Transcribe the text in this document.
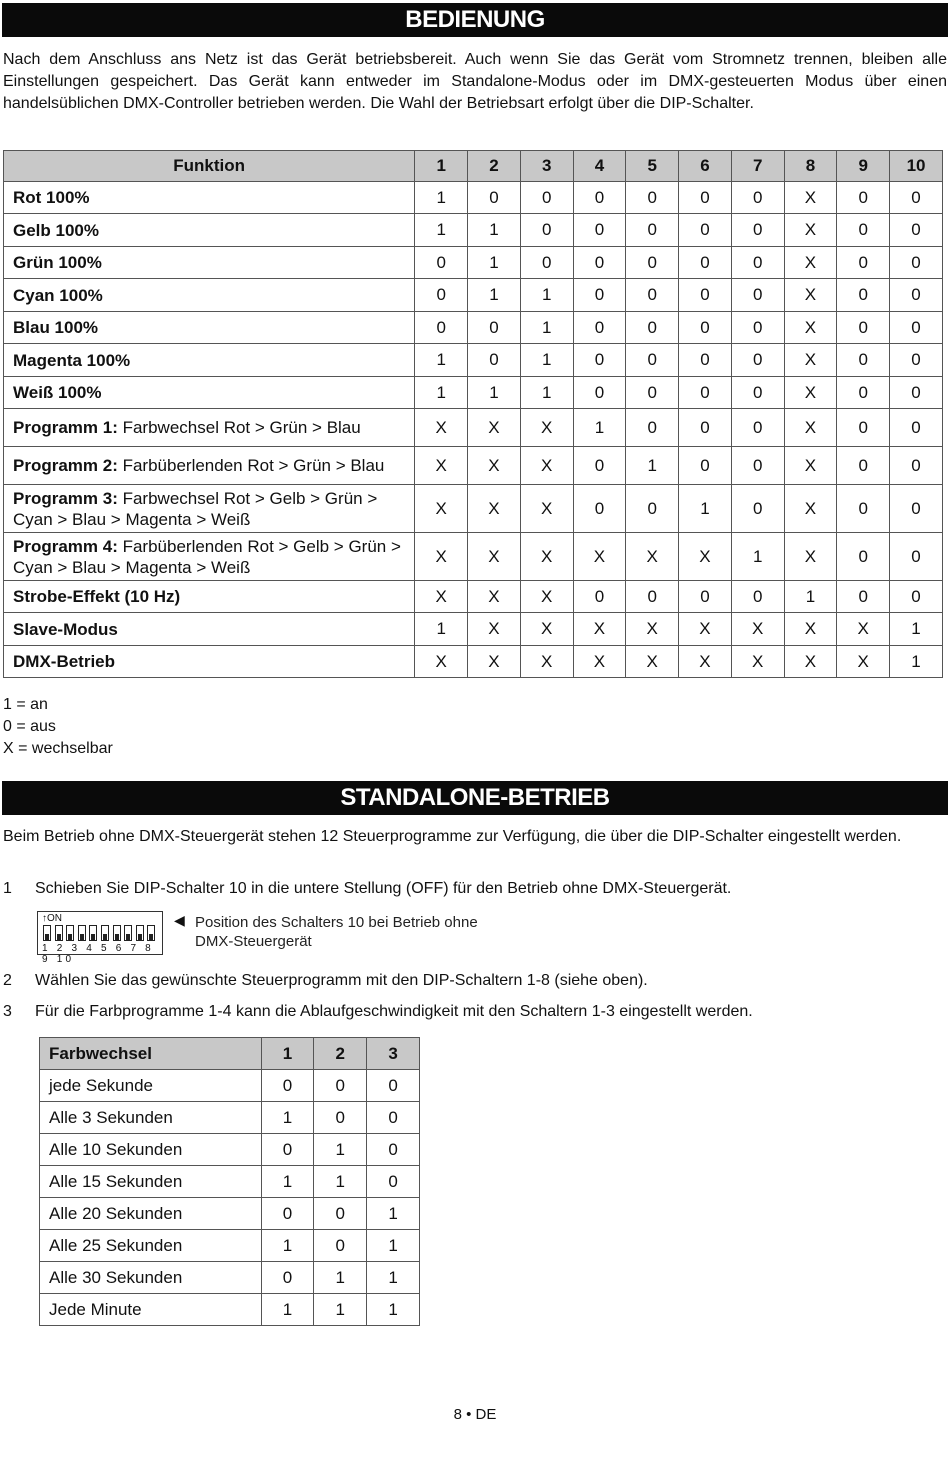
BEDIENUNG

Nach dem Anschluss ans Netz ist das Gerät betriebsbereit. Auch wenn Sie das Gerät vom Stromnetz trennen, bleiben alle Einstellungen gespeichert. Das Gerät kann entweder im Standalone-Modus oder im DMX-gesteuerten Modus über einen handelsüblichen DMX-Controller betrieben werden. Die Wahl der Betriebsart erfolgt über die DIP-Schalter.

Funktion	1	2	3	4	5	6	7	8	9	10
Rot 100%	1	0	0	0	0	0	0	X	0	0
Gelb 100%	1	1	0	0	0	0	0	X	0	0
Grün 100%	0	1	0	0	0	0	0	X	0	0
Cyan 100%	0	1	1	0	0	0	0	X	0	0
Blau 100%	0	0	1	0	0	0	0	X	0	0
Magenta 100%	1	0	1	0	0	0	0	X	0	0
Weiß 100%	1	1	1	0	0	0	0	X	0	0
Programm 1: Farbwechsel Rot > Grün > Blau	X	X	X	1	0	0	0	X	0	0
Programm 2: Farbüberlenden Rot > Grün > Blau	X	X	X	0	1	0	0	X	0	0
Programm 3: Farbwechsel Rot > Gelb > Grün > Cyan > Blau > Magenta > Weiß	X	X	X	0	0	1	0	X	0	0
Programm 4: Farbüberlenden Rot > Gelb > Grün > Cyan > Blau > Magenta > Weiß	X	X	X	X	X	X	1	X	0	0
Strobe-Effekt (10 Hz)	X	X	X	0	0	0	0	1	0	0
Slave-Modus	1	X	X	X	X	X	X	X	X	1
DMX-Betrieb	X	X	X	X	X	X	X	X	X	1
1 = an
0 = aus
X = wechselbar
STANDALONE-BETRIEB

Beim Betrieb ohne DMX-Steuergerät stehen 12 Steuerprogramme zur Verfügung, die über die DIP-Schalter eingestellt werden.

1 Schieben Sie DIP-Schalter 10 in die untere Stellung (OFF) für den Betrieb ohne DMX-Steuergerät.
↑ON
1 2 3 4 5 6 7 8 9 10
◀ Position des Schalters 10 bei Betrieb ohne
DMX-Steuergerät
2 Wählen Sie das gewünschte Steuerprogramm mit den DIP-Schaltern 1-8 (siehe oben).
3 Für die Farbprogramme 1-4 kann die Ablaufgeschwindigkeit mit den Schaltern 1-3 eingestellt werden.
Farbwechsel	1	2	3
jede Sekunde	0	0	0
Alle 3 Sekunden	1	0	0
Alle 10 Sekunden	0	1	0
Alle 15 Sekunden	1	1	0
Alle 20 Sekunden	0	0	1
Alle 25 Sekunden	1	0	1
Alle 30 Sekunden	0	1	1
Jede Minute	1	1	1
8 • DE
